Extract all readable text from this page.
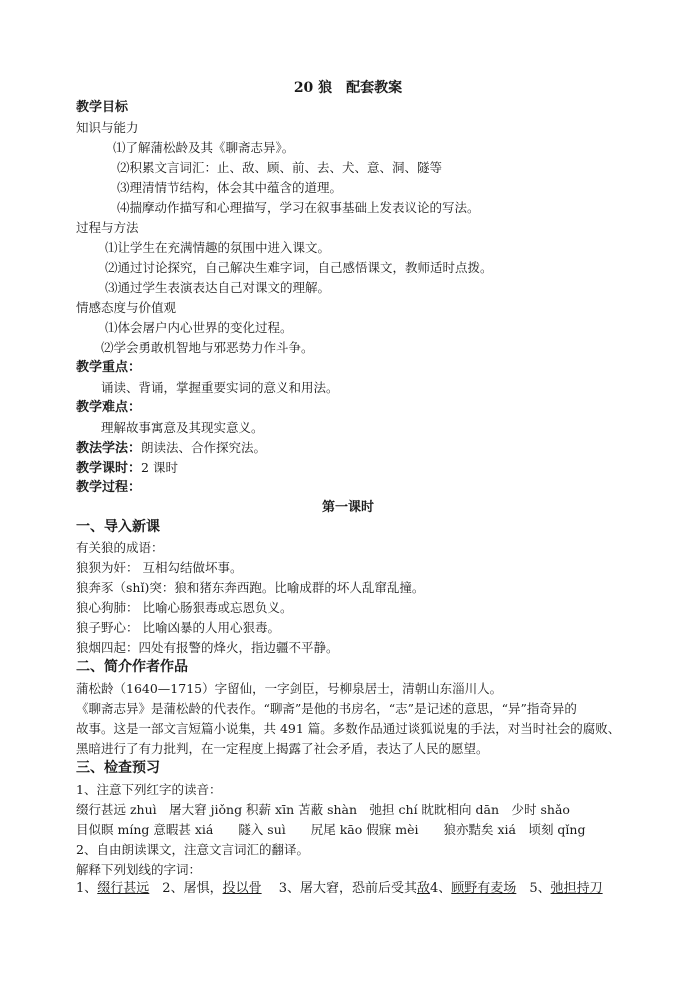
20 狼　配套教案
教学目标
知识与能力
⑴了解蒲松龄及其《聊斋志异》。
⑵积累文言词汇：止、敌、顾、前、去、犬、意、洞、隧等
⑶理清情节结构，体会其中蕴含的道理。
⑷揣摩动作描写和心理描写，学习在叙事基础上发表议论的写法。
过程与方法
⑴让学生在充满情趣的氛围中进入课文。
⑵通过讨论探究，自己解决生难字词，自己感悟课文，教师适时点拨。
⑶通过学生表演表达自己对课文的理解。
情感态度与价值观
⑴体会屠户内心世界的变化过程。
⑵学会勇敢机智地与邪恶势力作斗争。
教学重点：
诵读、背诵，掌握重要实词的意义和用法。
教学难点：
理解故事寓意及其现实意义。
教法学法：朗读法、合作探究法。
教学课时：2 课时
教学过程：
第一课时
一、导入新课
有关狼的成语：
狼狈为奸： 互相勾结做坏事。
狼奔豕（shǐ)突：狼和猪东奔西跑。比喻成群的坏人乱窜乱撞。
狼心狗肺： 比喻心肠狠毒或忘恩负义。
狼子野心： 比喻凶暴的人用心狠毒。
狼烟四起：四处有报警的烽火，指边疆不平静。
二、简介作者作品
蒲松龄（1640—1715）字留仙，一字剑臣，号柳泉居士，清朝山东淄川人。
《聊斋志异》是蒲松龄的代表作。“聊斋”是他的书房名，“志”是记述的意思，“异”指奇异的
故事。这是一部文言短篇小说集，共 491 篇。多数作品通过谈狐说鬼的手法，对当时社会的腐败、
黑暗进行了有力批判，在一定程度上揭露了社会矛盾，表达了人民的愿望。
三、检查预习
1、注意下列红字的读音：
缀行甚远 zhuì　屠大窘 jiǒng 积薪 xīn 苫蔽 shàn　弛担 chí 眈眈相向 dān　少时 shǎo
目似瞑 míng 意暇甚 xiá　　隧入 suì　　尻尾 kāo 假寐 mèi　　狼亦黠矣 xiá　顷刻 qǐng
2、自由朗读课文，注意文言词汇的翻译。
解释下列划线的字词：
1、缀行甚远　2、屠惧，投以骨　 3、屠大窘，恐前后受其敌4、顾野有麦场　5、弛担持刀
